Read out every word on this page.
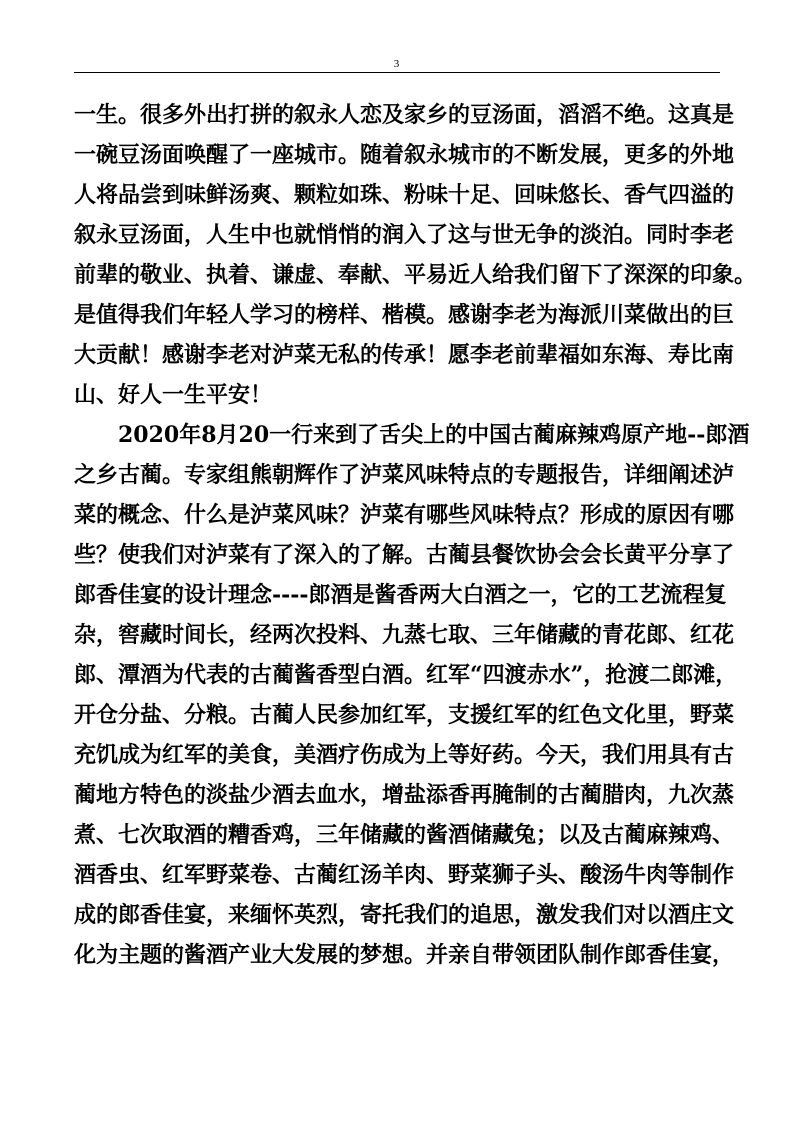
3
一生。很多外出打拼的叙永人恋及家乡的豆汤面，滔滔不绝。这真是
一碗豆汤面唤醒了一座城市。随着叙永城市的不断发展，更多的外地
人将品尝到味鲜汤爽、颗粒如珠、粉味十足、回味悠长、香气四溢的
叙永豆汤面，人生中也就悄悄的润入了这与世无争的淡泊。同时李老
前辈的敬业、执着、谦虚、奉献、平易近人给我们留下了深深的印象。
是值得我们年轻人学习的榜样、楷模。感谢李老为海派川菜做出的巨
大贡献！感谢李老对泸菜无私的传承！愿李老前辈福如东海、寿比南
山、好人一生平安！
2020年8月20一行来到了舌尖上的中国古蔺麻辣鸡原产地--郎酒
之乡古蔺。专家组熊朝辉作了泸菜风味特点的专题报告，详细阐述泸
菜的概念、什么是泸菜风味？泸菜有哪些风味特点？形成的原因有哪
些？使我们对泸菜有了深入的了解。古蔺县餐饮协会会长黄平分享了
郎香佳宴的设计理念----郎酒是酱香两大白酒之一，它的工艺流程复
杂，窖藏时间长，经两次投料、九蒸七取、三年储藏的青花郎、红花
郎、潭酒为代表的古蔺酱香型白酒。红军“四渡赤水”，抢渡二郎滩，
开仓分盐、分粮。古蔺人民参加红军，支援红军的红色文化里，野菜
充饥成为红军的美食，美酒疗伤成为上等好药。今天，我们用具有古
蔺地方特色的淡盐少酒去血水，增盐添香再腌制的古蔺腊肉，九次蒸
煮、七次取酒的糟香鸡，三年储藏的酱酒储藏兔；以及古蔺麻辣鸡、
酒香虫、红军野菜卷、古蔺红汤羊肉、野菜狮子头、酸汤牛肉等制作
成的郎香佳宴，来缅怀英烈，寄托我们的追思，激发我们对以酒庄文
化为主题的酱酒产业大发展的梦想。并亲自带领团队制作郎香佳宴，
